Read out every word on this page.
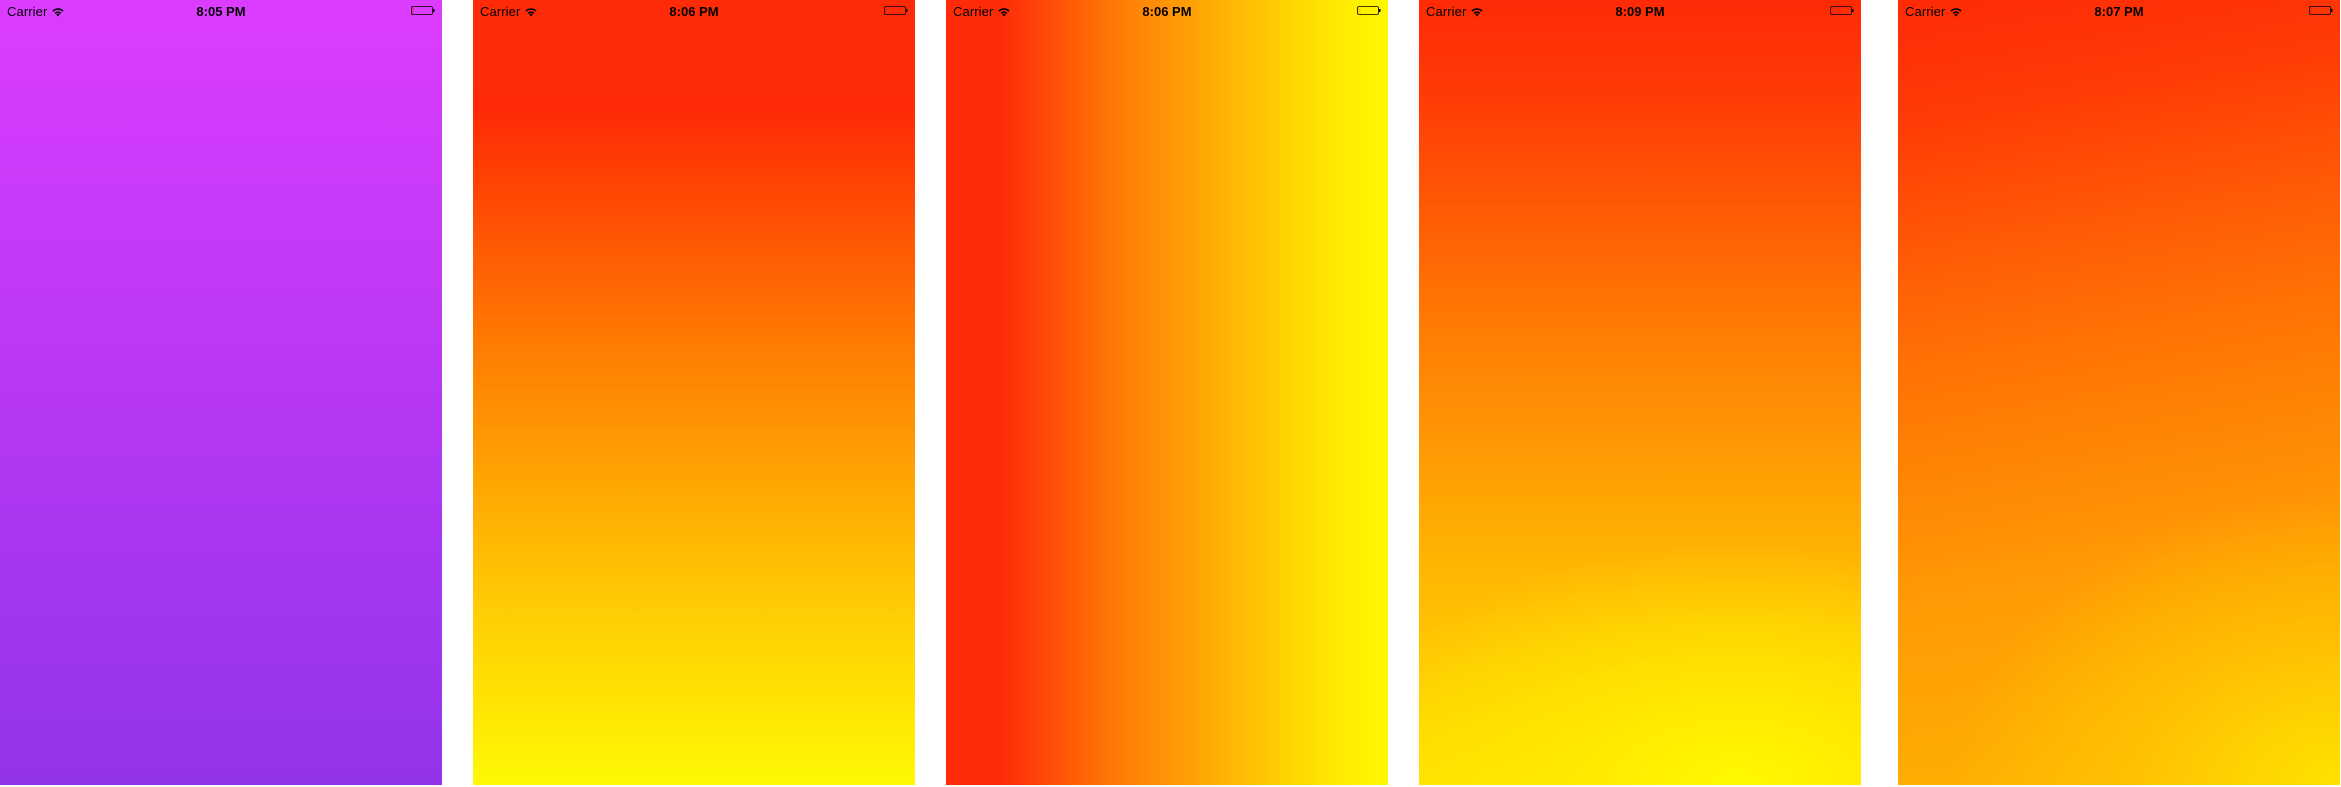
Carrier	8:05 PM	Carrier	8:06 PM	Carrier	8:06 PM	Carrier	8:09 PM	Carrier	8:07 PM
